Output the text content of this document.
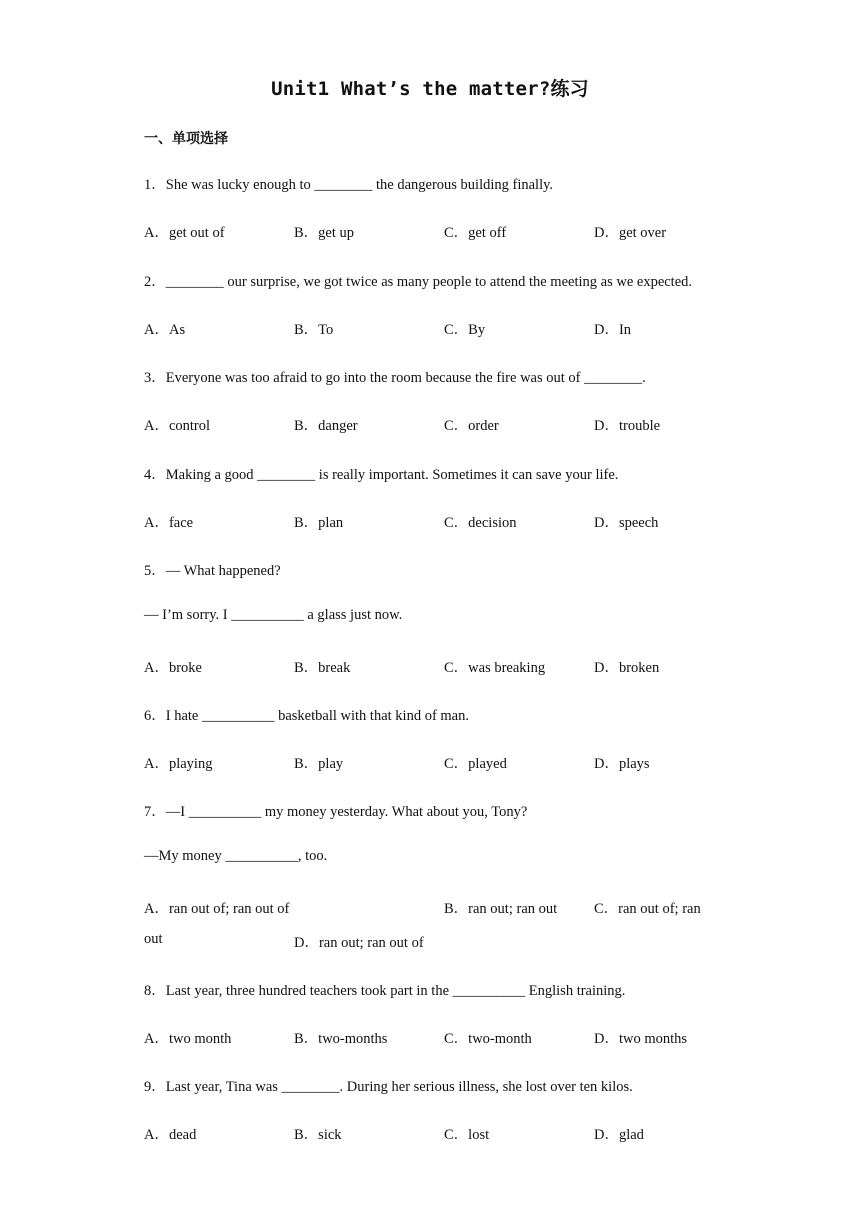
Unit1 What’s the matter?练习
一、单项选择
1．She was lucky enough to ________ the dangerous building finally.
A．get out of	B．get up	C．get off	D．get over
2．________ our surprise, we got twice as many people to attend the meeting as we expected.
A．As	B．To	C．By	D．In
3．Everyone was too afraid to go into the room because the fire was out of ________.
A．control	B．danger	C．order	D．trouble
4．Making a good ________ is really important. Sometimes it can save your life.
A．face	B．plan	C．decision	D．speech
5．— What happened?
— I’m sorry. I __________ a glass just now.
A．broke	B．break	C．was breaking	D．broken
6．I hate __________ basketball with that kind of man.
A．playing	B．play	C．played	D．plays
7．—I __________ my money yesterday. What about you, Tony?
—My money __________, too.
A．ran out of; ran out of	B．ran out; ran out	C．ran out of; ran
out	D．ran out; ran out of
8．Last year, three hundred teachers took part in the __________ English training.
A．two month	B．two-months	C．two-month	D．two months
9．Last year, Tina was ________. During her serious illness, she lost over ten kilos.
A．dead	B．sick	C．lost	D．glad
